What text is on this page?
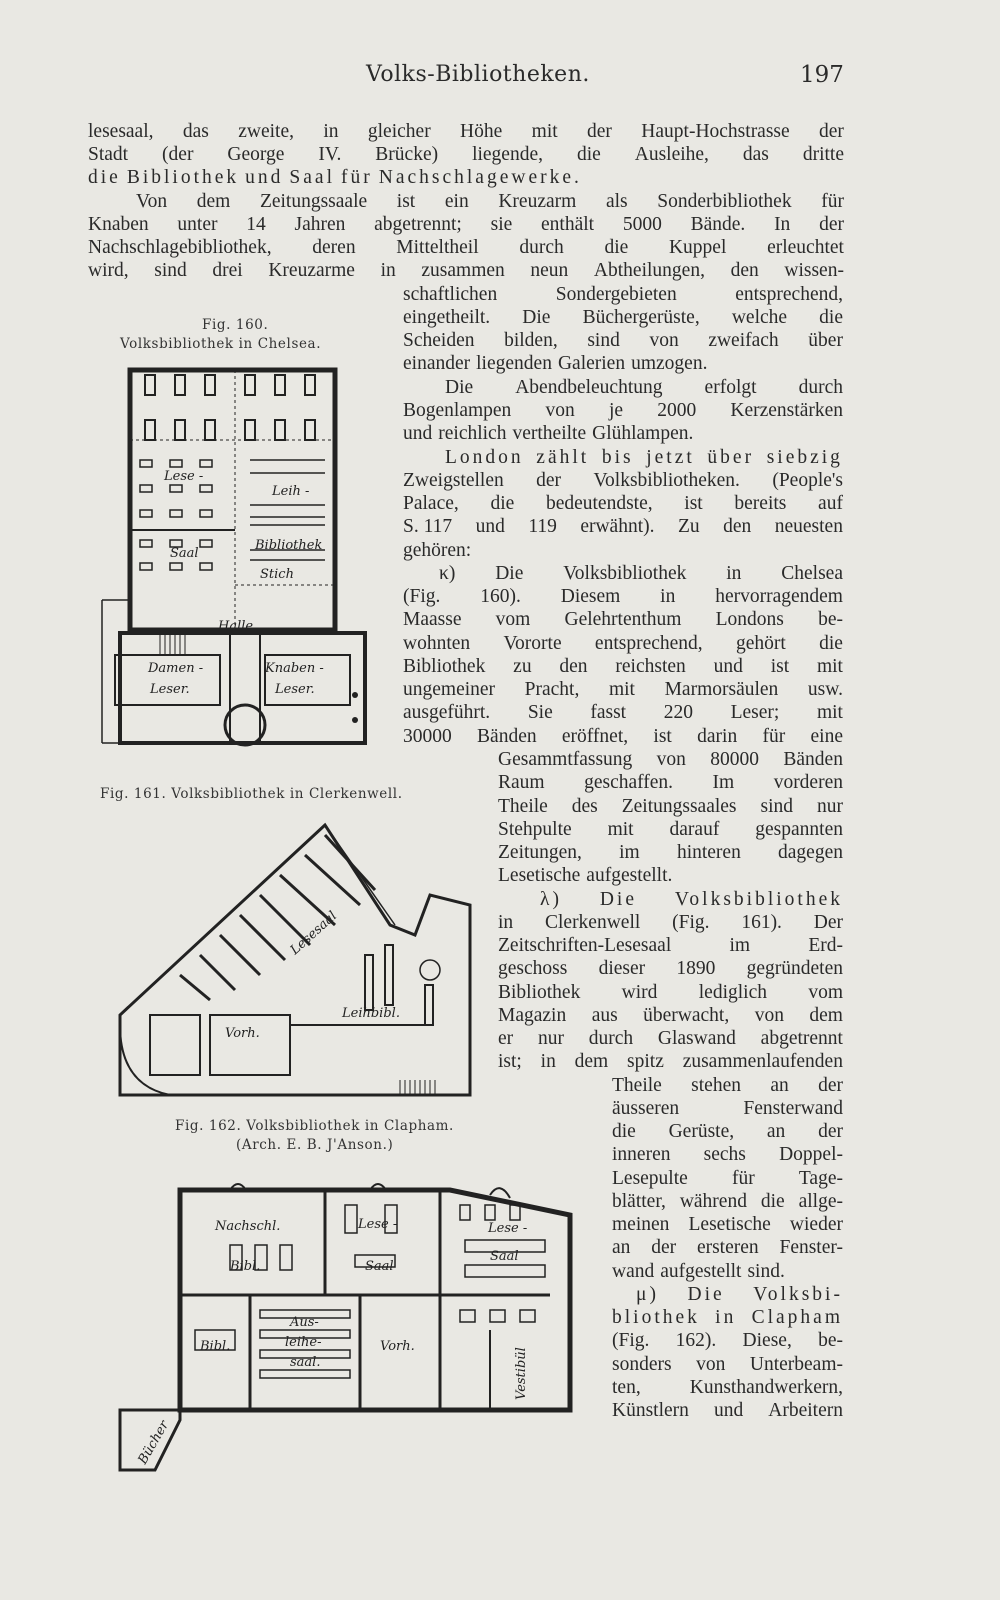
Volks-Bibliotheken.	197
lesesaal, das zweite, in gleicher Höhe mit der Haupt-Hochstrasse der
Stadt (der George IV. Brücke) liegende, die Ausleihe, das dritte
die Bibliothek und Saal für Nachschlagewerke.
Von dem Zeitungssaale ist ein Kreuzarm als Sonderbibliothek für
Knaben unter 14 Jahren abgetrennt; sie enthält 5000 Bände. In der
Nachschlagebibliothek, deren Mitteltheil durch die Kuppel erleuchtet
wird, sind drei Kreuzarme in zusammen neun Abtheilungen, den wissen-
schaftlichen	Sondergebieten	entsprechend,
eingetheilt. Die Büchergerüste, welche die
Scheiden bilden, sind von zweifach über
einander liegenden Galerien umzogen.
Die Abendbeleuchtung erfolgt durch
Bogenlampen von je 2000 Kerzenstärken
und reichlich vertheilte Glühlampen.
London zählt bis jetzt über siebzig
Zweigstellen der Volksbibliotheken. (People's
Palace, die bedeutendste, ist bereits auf
S. 117 und 119 erwähnt). Zu den neuesten
gehören:
κ) Die Volksbibliothek in Chelsea
(Fig. 160). Diesem in hervorragendem
Maasse vom Gelehrtenthum Londons be-
wohnten Vororte entsprechend, gehört die
Bibliothek zu den reichsten und ist mit
ungemeiner Pracht, mit Marmorsäulen usw.
ausgeführt. Sie fasst 220 Leser; mit
30000 Bänden eröffnet, ist darin für eine
Gesammtfassung von 80000 Bänden
Raum geschaffen. Im vorderen
Theile des Zeitungssaales sind nur
Stehpulte mit darauf gespannten
Zeitungen, im hinteren dagegen
Lesetische aufgestellt.
λ) Die Volksbibliothek
in Clerkenwell (Fig. 161). Der
Zeitschriften-Lesesaal	im	Erd-
geschoss dieser 1890 gegründeten
Bibliothek wird lediglich vom
Magazin aus überwacht, von dem
er nur durch Glaswand abgetrennt
ist; in dem spitz zusammenlaufenden
Theile stehen an der
äusseren	Fensterwand
die Gerüste, an der
inneren sechs Doppel-
Lesepulte für Tage-
blätter, während die allge-
meinen Lesetische wieder
an der ersteren Fenster-
wand aufgestellt sind.
μ) Die Volksbi-
bliothek in Clapham
(Fig. 162). Diese, be-
sonders von Unterbeam-
ten,	Kunsthandwerkern,
Künstlern und Arbeitern
Fig. 160.
Volksbibliothek in Chelsea.
Lese -
Saal
Leih -
Bibliothek
Stich
Halle
Damen -
Leser.
Knaben -
Leser.
Fig. 161. Volksbibliothek in Clerkenwell.
Lesesaal
Leihbibl.
Vorh.
Fig. 162. Volksbibliothek in Clapham.
(Arch. E. B. J'Anson.)
Nachschl.
Bibl.
Lese -
Saal
Lese -
Saal
Bibl.
Aus-
leihe-
saal.
Vorh.
Vestibül
Bücher
